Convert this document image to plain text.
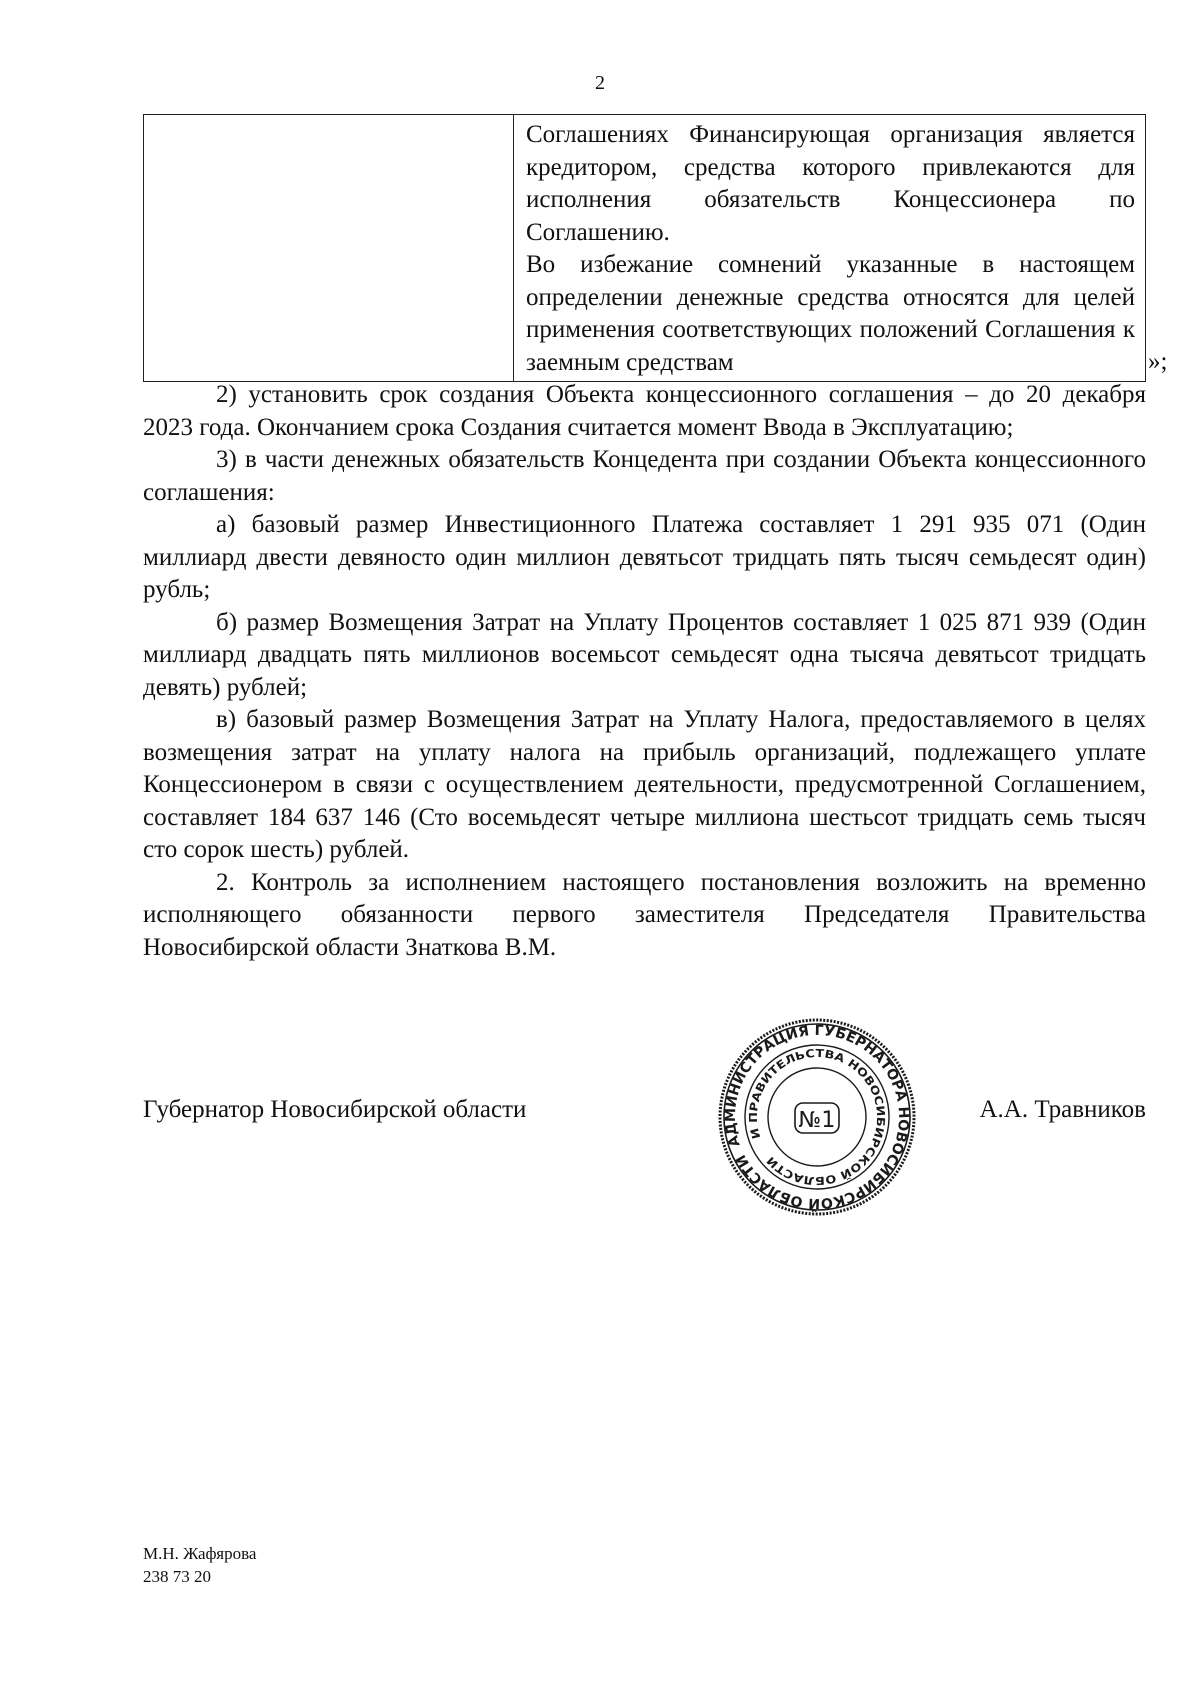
2

Соглашениях Финансирующая организация является кредитором, средства которого привлекаются для исполнения обязательств Концессионера по Соглашению.

Во избежание сомнений указанные в настоящем определении денежные средства относятся для целей применения соответствующих положений Соглашения к заемным средствам	»;

2) установить срок создания Объекта концессионного соглашения – до 20 декабря 2023 года. Окончанием срока Создания считается момент Ввода в Эксплуатацию;

3) в части денежных обязательств Концедента при создании Объекта концессионного соглашения:

а) базовый размер Инвестиционного Платежа составляет 1 291 935 071 (Один миллиард двести девяносто один миллион девятьсот тридцать пять тысяч семьдесят один) рубль;

б) размер Возмещения Затрат на Уплату Процентов составляет 1 025 871 939 (Один миллиард двадцать пять миллионов восемьсот семьдесят одна тысяча девятьсот тридцать девять) рублей;

в) базовый размер Возмещения Затрат на Уплату Налога, предоставляемого в целях возмещения затрат на уплату налога на прибыль организаций, подлежащего уплате Концессионером в связи с осуществлением деятельности, предусмотренной Соглашением, составляет 184 637 146 (Сто восемьдесят четыре миллиона шестьсот тридцать семь тысяч сто сорок шесть) рублей.

2. Контроль за исполнением настоящего постановления возложить на временно исполняющего обязанности первого заместителя Председателя Правительства Новосибирской области Знаткова В.М.

Губернатор Новосибирской области	А.А. Травников
АДМИНИСТРАЦИЯ ГУБЕРНАТОРА НОВОСИБИРСКОЙ ОБЛАСТИ
И ПРАВИТЕЛЬСТВА НОВОСИБИРСКОЙ ОБЛАСТИ
№1
М.Н. Жафярова
238 73 20
